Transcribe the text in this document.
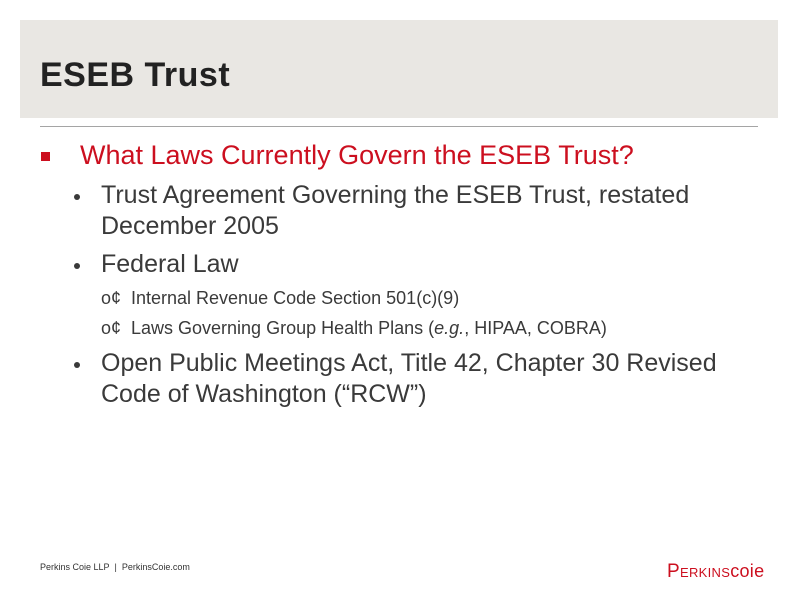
ESEB Trust
What Laws Currently Govern the ESEB Trust?
Trust Agreement Governing the ESEB Trust, restated
December 2005
Federal Law
o¢ Internal Revenue Code Section 501(c)(9)
o¢ Laws Governing Group Health Plans (e.g., HIPAA, COBRA)
Open Public Meetings Act, Title 42, Chapter 30 Revised
Code of Washington (“RCW”)
Perkins Coie LLP | PerkinsCoie.com	Perkinscoie
